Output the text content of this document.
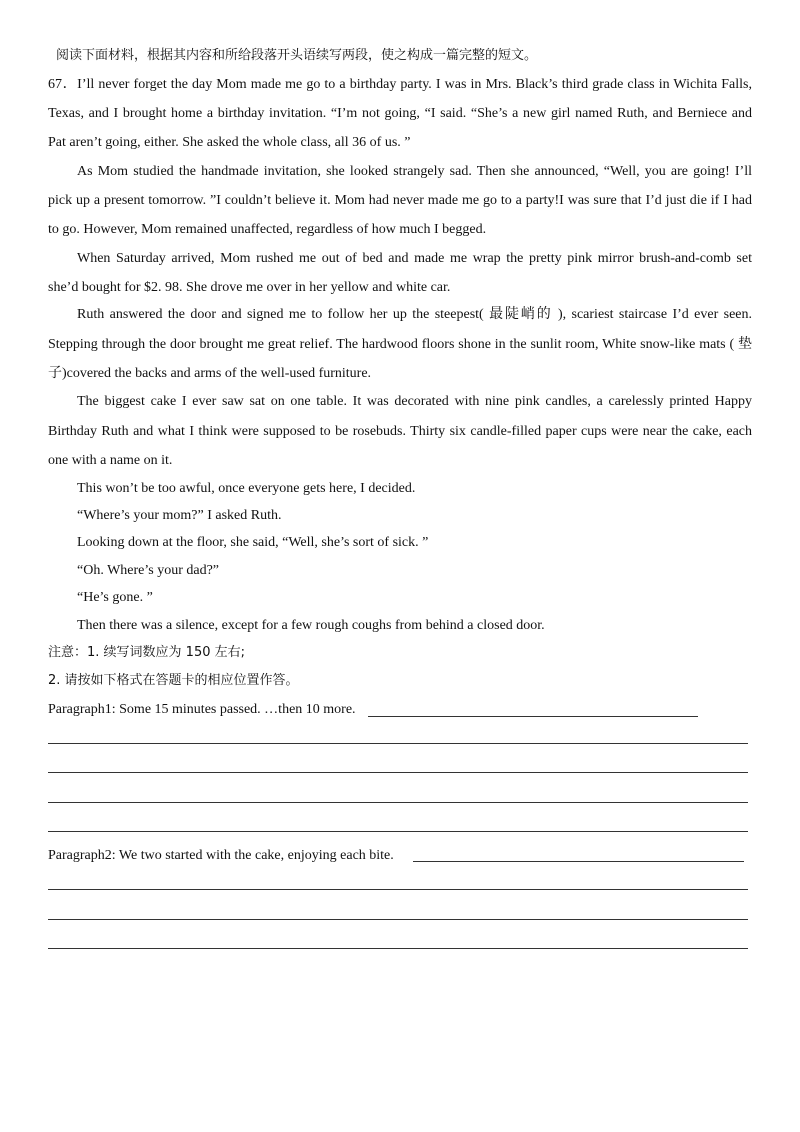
阅读下面材料，根据其内容和所给段落开头语续写两段，使之构成一篇完整的短文。
67．I’ll never forget the day Mom made me go to a birthday party. I was in Mrs. Black’s third grade class in Wichita Falls,
Texas, and I brought home a birthday invitation. “I’m not going, “I said. “She’s a new girl named Ruth, and Berniece and
Pat aren’t going, either. She asked the whole class, all 36 of us. ”
As Mom studied the handmade invitation, she looked strangely sad. Then she announced, “Well, you are going! I’ll
pick up a present tomorrow. ”I couldn’t believe it. Mom had never made me go to a party!I was sure that I’d just die if I had
to go. However, Mom remained unaffected, regardless of how much I begged.
When Saturday arrived, Mom rushed me out of bed and made me wrap the pretty pink mirror brush-and-comb set
she’d bought for $2. 98. She drove me over in her yellow and white car.
Ruth answered the door and signed me to follow her up the steepest( 最陡峭的 ), scariest staircase I’d ever seen.
Stepping through the door brought me great relief. The hardwood floors shone in the sunlit room, White snow-like mats ( 垫
子)covered the backs and arms of the well-used furniture.
The biggest cake I ever saw sat on one table. It was decorated with nine pink candles, a carelessly printed Happy
Birthday Ruth and what I think were supposed to be rosebuds. Thirty six candle-filled paper cups were near the cake, each
one with a name on it.
This won’t be too awful, once everyone gets here, I decided.
“Where’s your mom?” I asked Ruth.
Looking down at the floor, she said, “Well, she’s sort of sick. ”
“Oh. Where’s your dad?”
“He’s gone. ”
Then there was a silence, except for a few rough coughs from behind a closed door.
注意：1. 续写词数应为 150 左右;
2. 请按如下格式在答题卡的相应位置作答。
Paragraph1: Some 15 minutes passed. …then 10 more.
Paragraph2: We two started with the cake, enjoying each bite.
